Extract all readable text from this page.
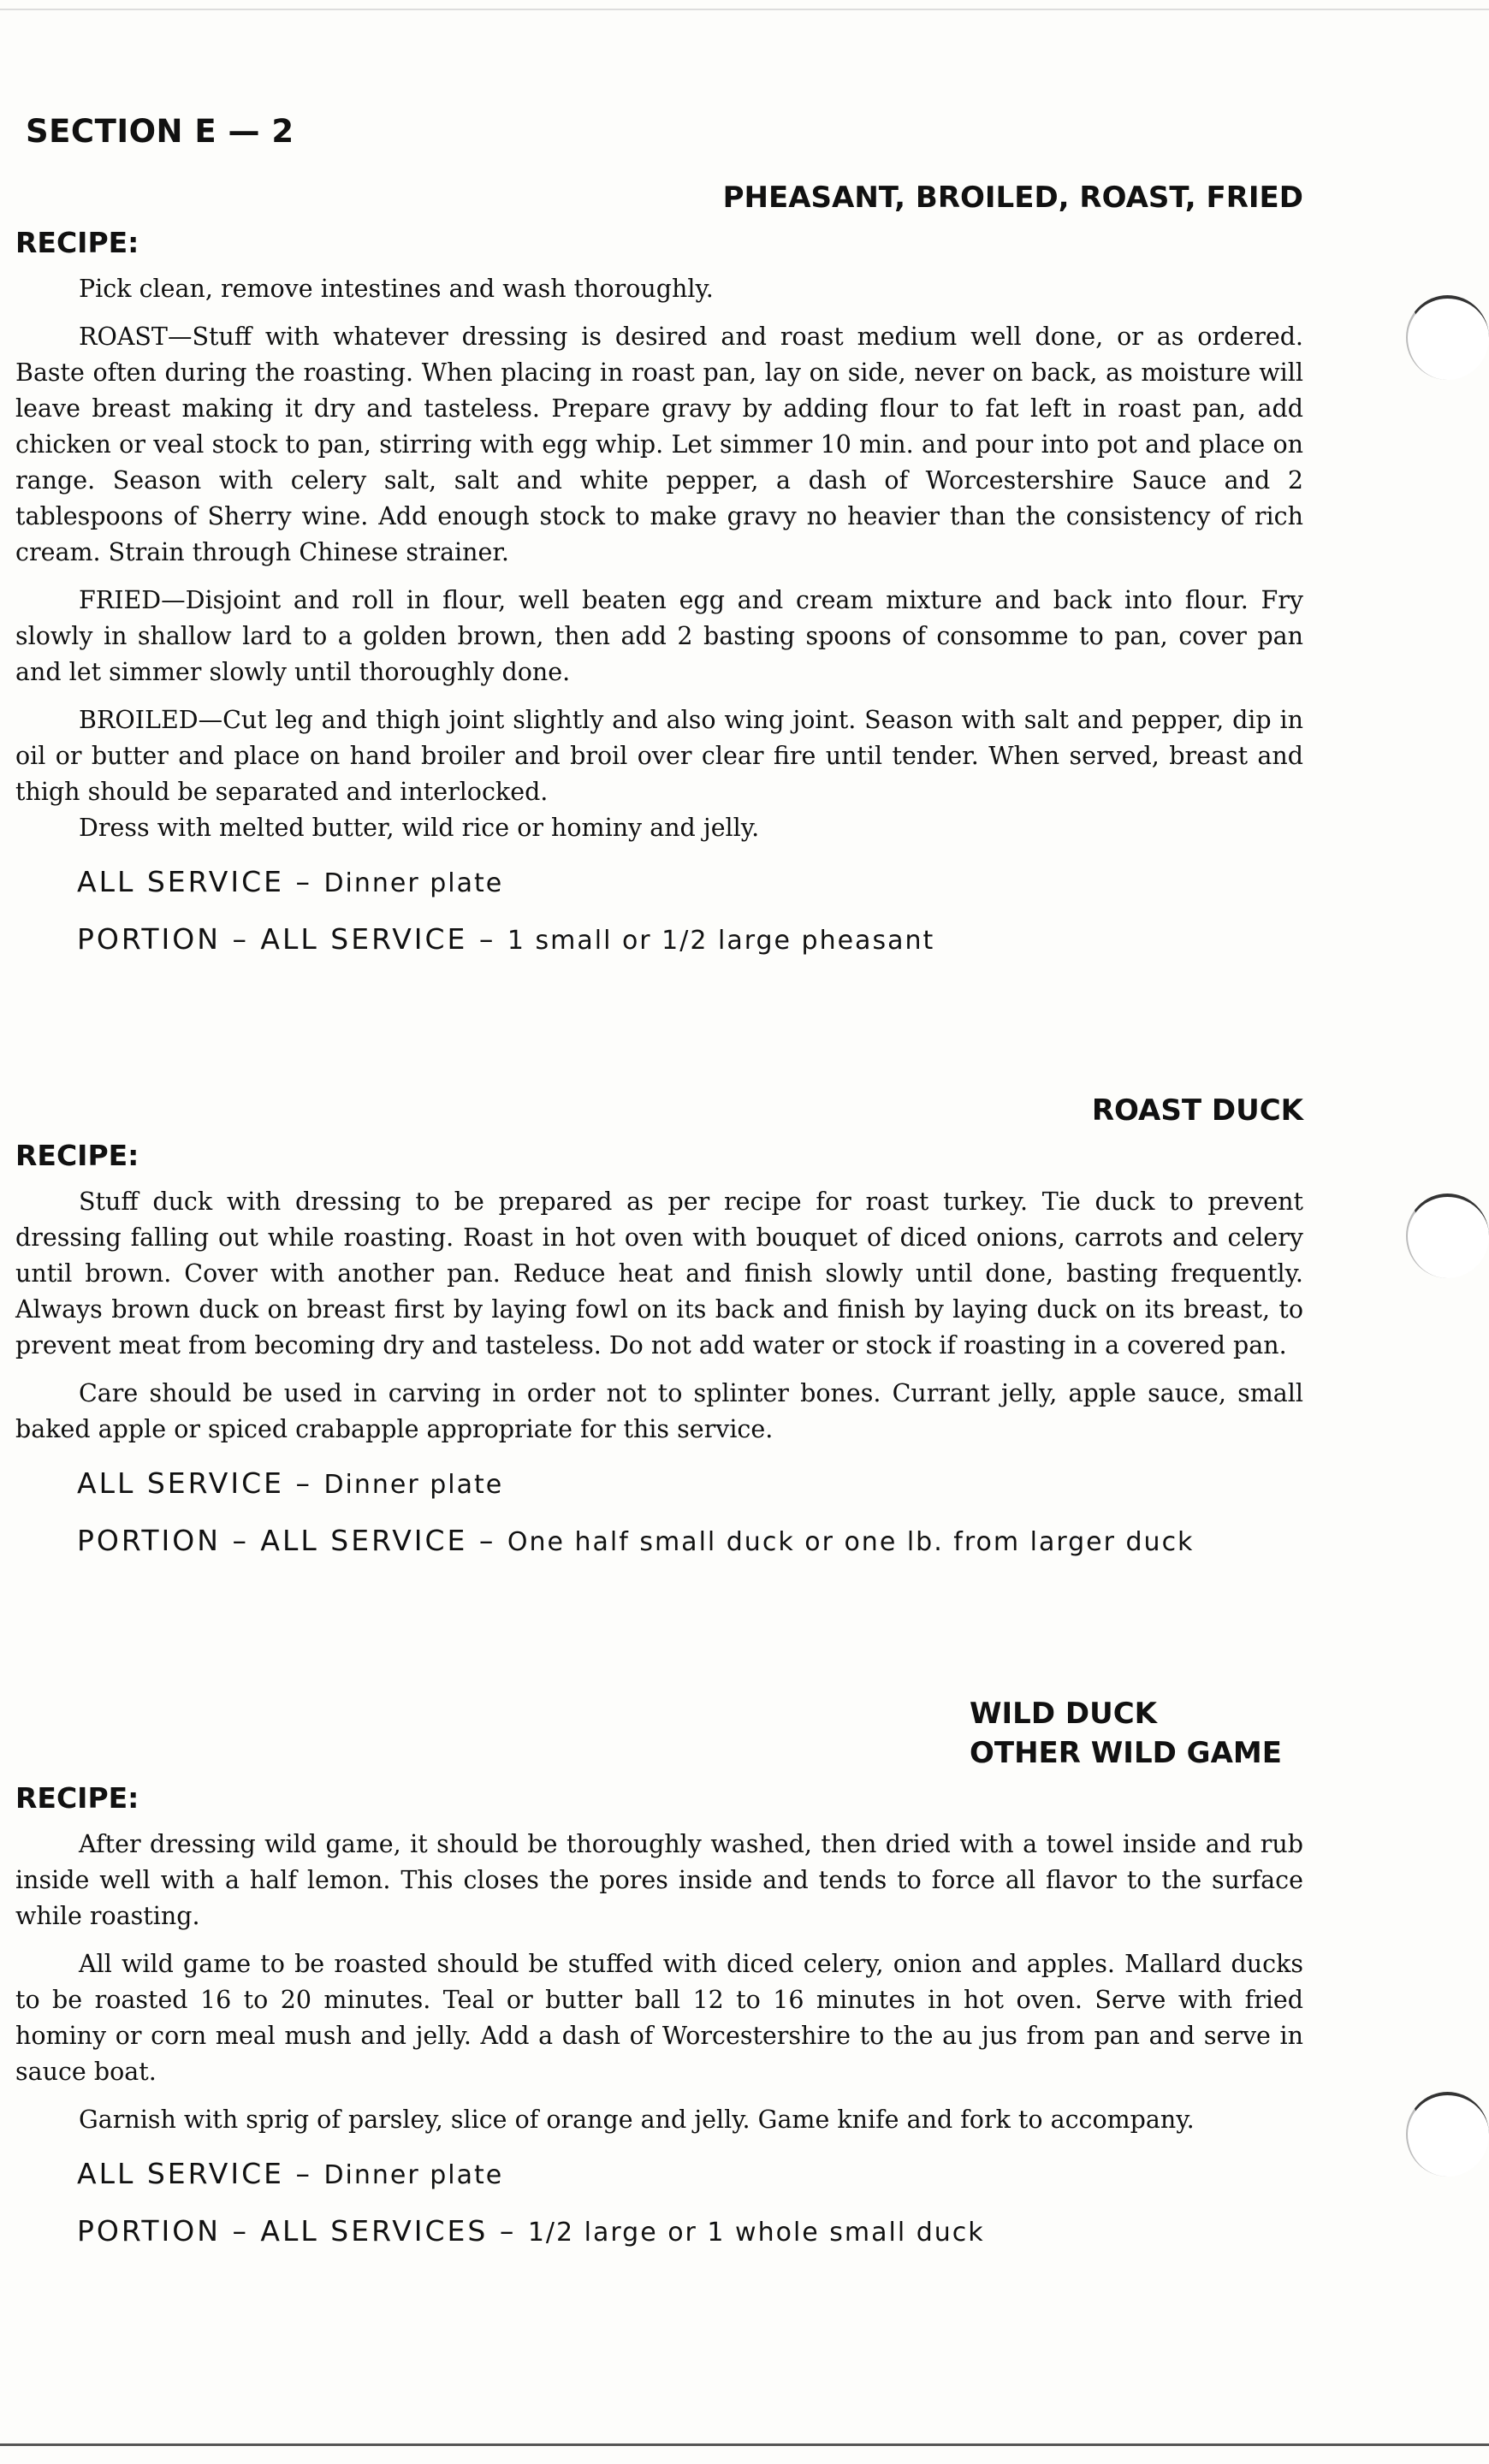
SECTION E — 2
PHEASANT, BROILED, ROAST, FRIED
RECIPE:

Pick clean, remove intestines and wash thoroughly.

ROAST—Stuff with whatever dressing is desired and roast medium well done, or as ordered. Baste often during the roasting. When placing in roast pan, lay on side, never on back, as moisture will leave breast making it dry and tasteless. Prepare gravy by adding flour to fat left in roast pan, add chicken or veal stock to pan, stirring with egg whip. Let simmer 10 min. and pour into pot and place on range. Season with celery salt, salt and white pepper, a dash of Worcestershire Sauce and 2 tablespoons of Sherry wine. Add enough stock to make gravy no heavier than the consistency of rich cream. Strain through Chinese strainer.

FRIED—Disjoint and roll in flour, well beaten egg and cream mixture and back into flour. Fry slowly in shallow lard to a golden brown, then add 2 basting spoons of consomme to pan, cover pan and let simmer slowly until thoroughly done.

BROILED—Cut leg and thigh joint slightly and also wing joint. Season with salt and pepper, dip in oil or butter and place on hand broiler and broil over clear fire until tender. When served, breast and thigh should be separated and interlocked.

Dress with melted butter, wild rice or hominy and jelly.

ALL SERVICE – Dinner plate
PORTION – ALL SERVICE – 1 small or 1/2 large pheasant
ROAST DUCK
RECIPE:

Stuff duck with dressing to be prepared as per recipe for roast turkey. Tie duck to prevent dressing falling out while roasting. Roast in hot oven with bouquet of diced onions, carrots and celery until brown. Cover with another pan. Reduce heat and finish slowly until done, basting frequently. Always brown duck on breast first by laying fowl on its back and finish by laying duck on its breast, to prevent meat from becoming dry and tasteless. Do not add water or stock if roasting in a covered pan.

Care should be used in carving in order not to splinter bones. Currant jelly, apple sauce, small baked apple or spiced crabapple appropriate for this service.

ALL SERVICE – Dinner plate
PORTION – ALL SERVICE – One half small duck or one lb. from larger duck
WILD DUCK
OTHER WILD GAME
RECIPE:

After dressing wild game, it should be thoroughly washed, then dried with a towel inside and rub inside well with a half lemon. This closes the pores inside and tends to force all flavor to the surface while roasting.

All wild game to be roasted should be stuffed with diced celery, onion and apples. Mallard ducks to be roasted 16 to 20 minutes. Teal or butter ball 12 to 16 minutes in hot oven. Serve with fried hominy or corn meal mush and jelly. Add a dash of Worcestershire to the au jus from pan and serve in sauce boat.

Garnish with sprig of parsley, slice of orange and jelly. Game knife and fork to accompany.

ALL SERVICE – Dinner plate
PORTION – ALL SERVICES – 1/2 large or 1 whole small duck
